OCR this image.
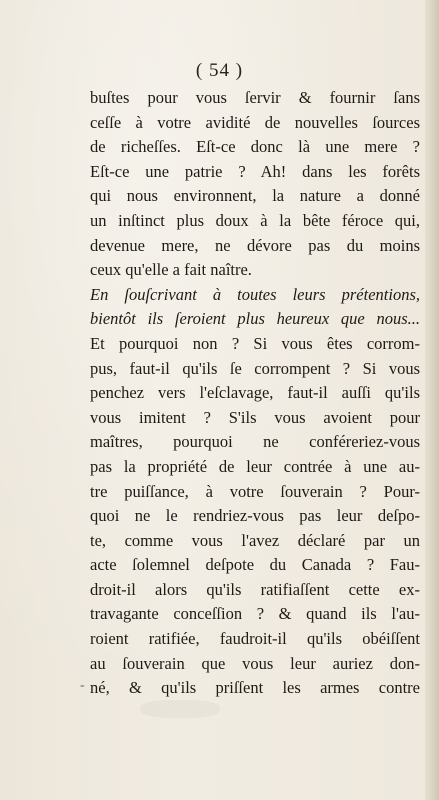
( 54 )
buſtes pour vous ſervir & fournir ſans
ceſſe à votre avidité de nouvelles ſources
de richeſſes. Eſt-ce donc là une mere ?
Eſt-ce une patrie ? Ah! dans les forêts
qui nous environnent, la nature a donné
un inſtinct plus doux à la bête féroce qui,
devenue mere, ne dévore pas du moins
ceux qu'elle a fait naître.
En ſouſcrivant à toutes leurs prétentions,
bientôt ils ſeroient plus heureux que nous...
Et pourquoi non ? Si vous êtes corrom-
pus, faut-il qu'ils ſe corrompent ? Si vous
penchez vers l'eſclavage, faut-il auſſi qu'ils
vous imitent ? S'ils vous avoient pour
maîtres, pourquoi ne conféreriez-vous
pas la propriété de leur contrée à une au-
tre puiſſance, à votre ſouverain ? Pour-
quoi ne le rendriez-vous pas leur deſpo-
te, comme vous l'avez déclaré par un
acte ſolemnel deſpote du Canada ? Fau-
droit-il alors qu'ils ratifiaſſent cette ex-
travagante conceſſion ? & quand ils l'au-
roient ratifiée, faudroit-il qu'ils obéiſſent
au ſouverain que vous leur auriez don-
né, & qu'ils priſſent les armes contre
-
